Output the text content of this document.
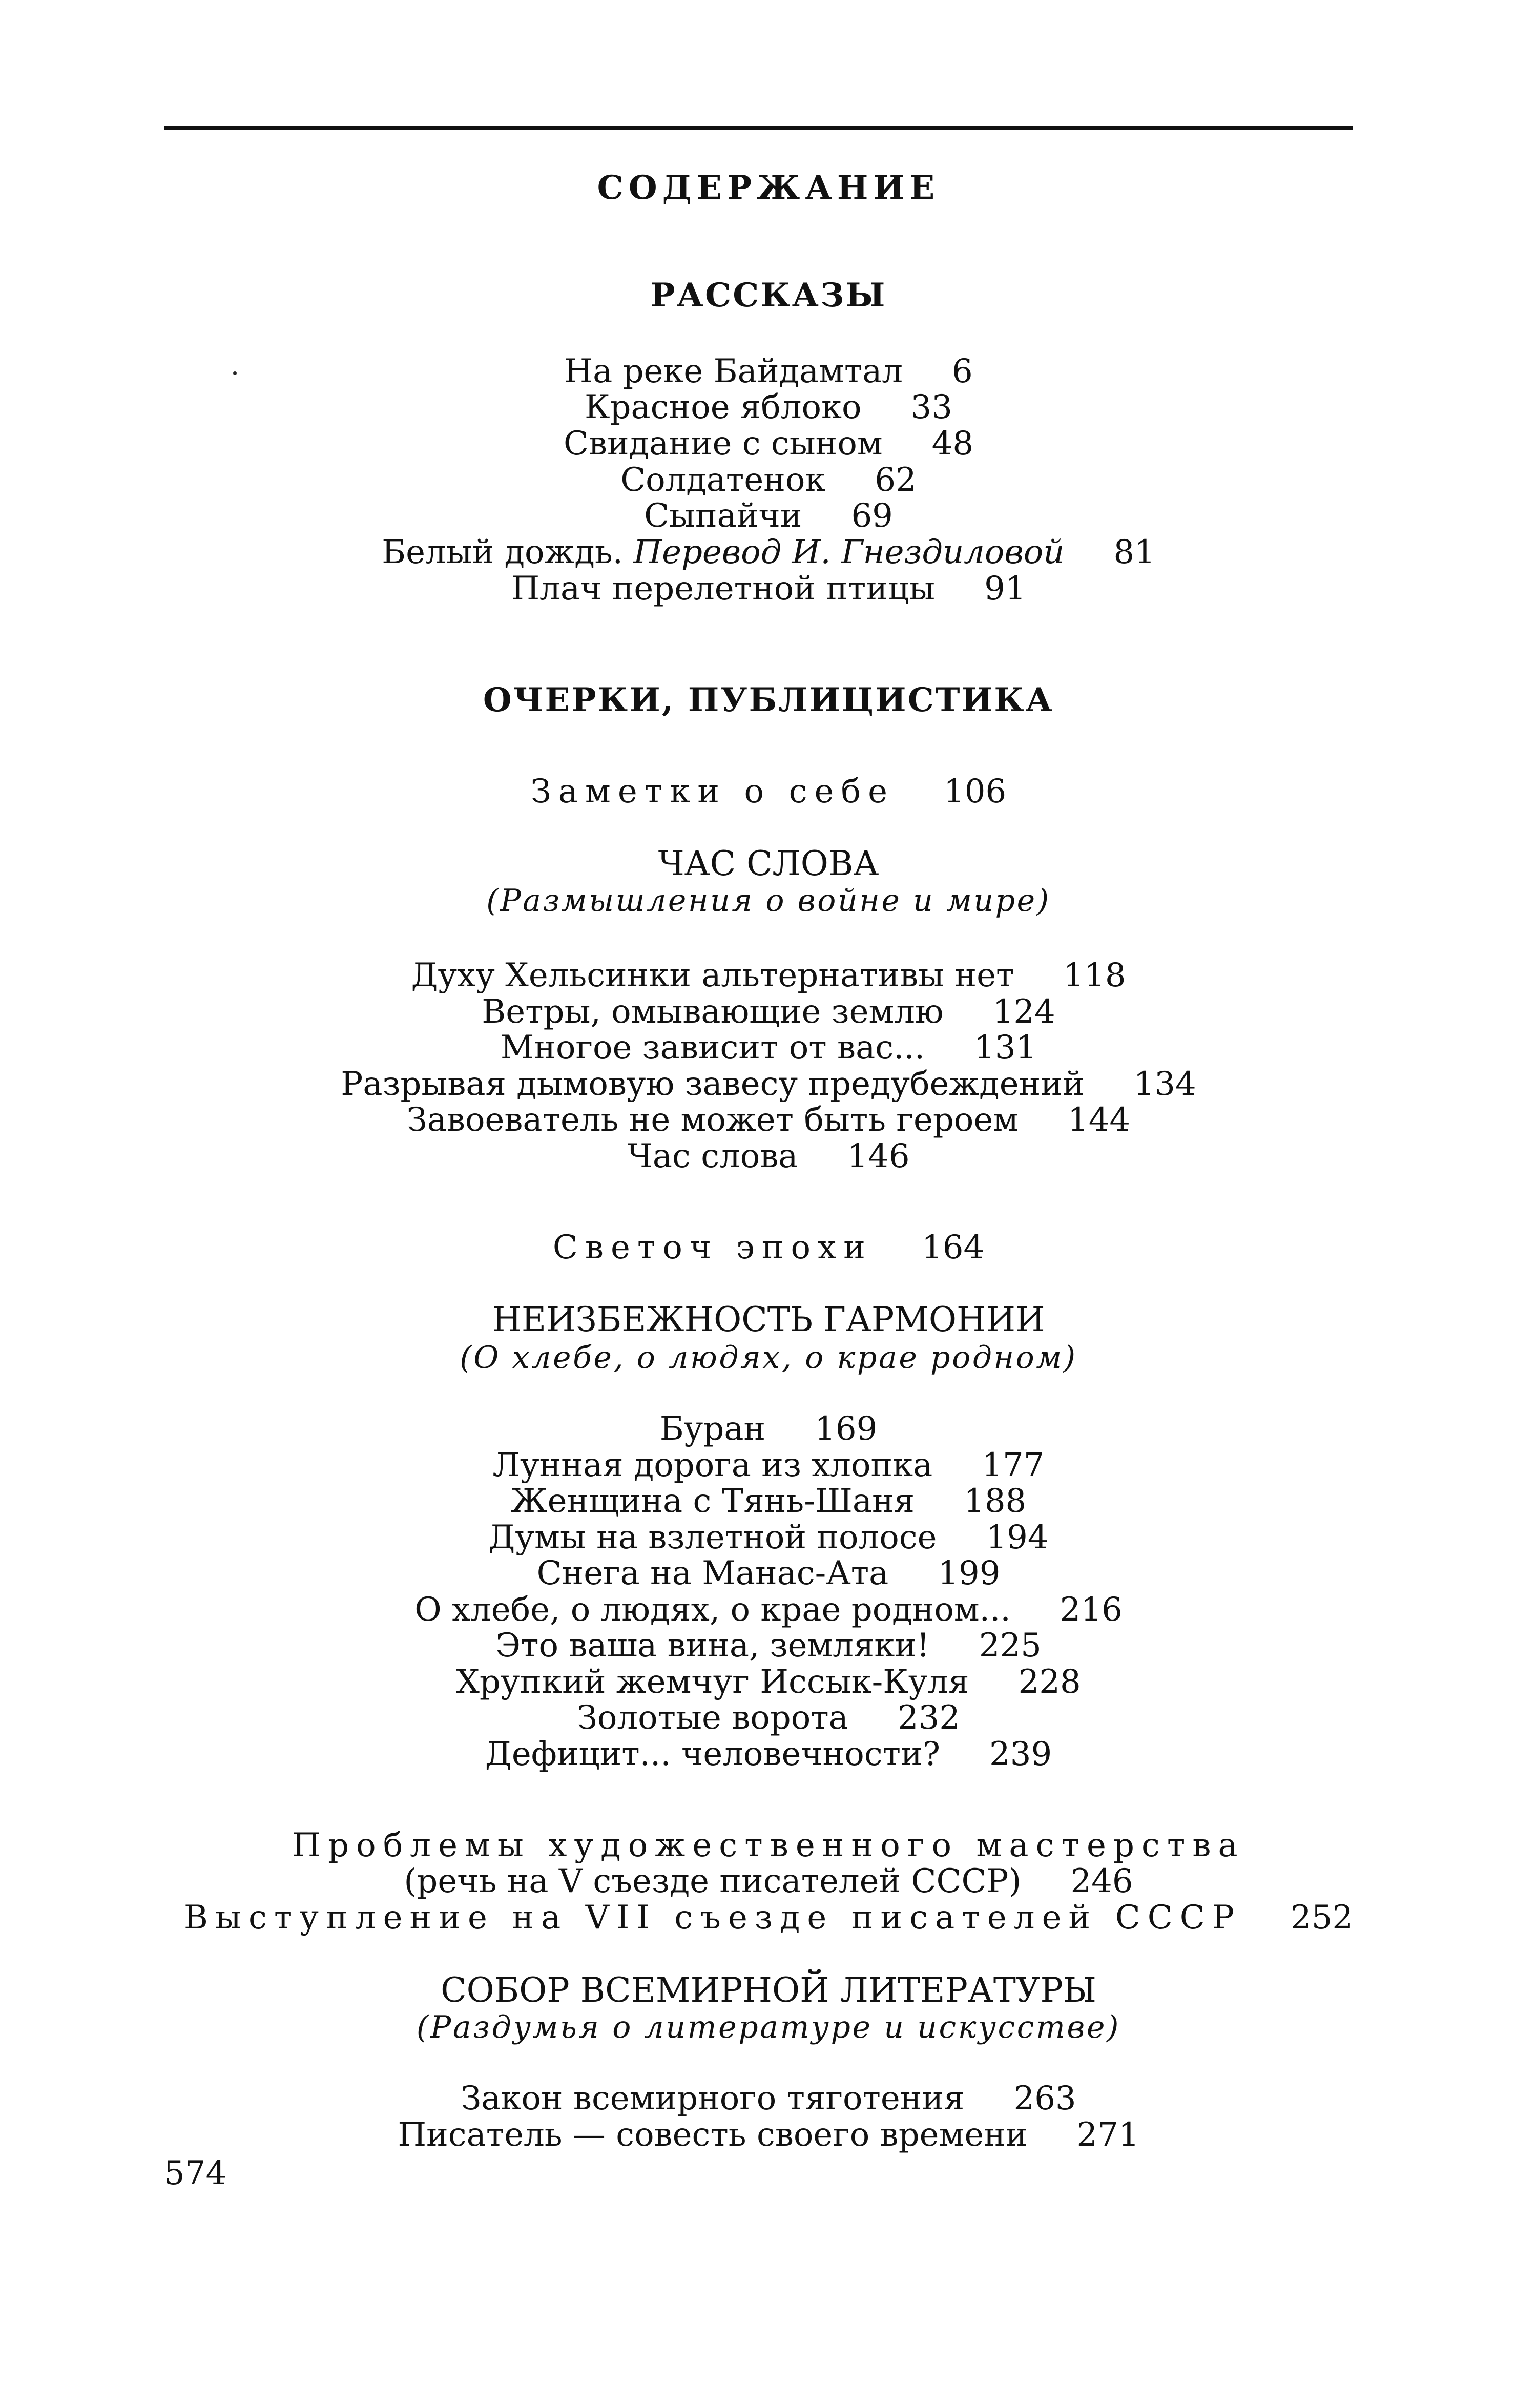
СОДЕРЖАНИЕ
РАССКАЗЫ
На реке Байдамтал 6
Красное яблоко 33
Свидание с сыном 48
Солдатенок 62
Сыпайчи 69
Белый дождь. Перевод И. Гнездиловой 81
Плач перелетной птицы 91
ОЧЕРКИ, ПУБЛИЦИСТИКА
Заметки о себе 106
ЧАС СЛОВА
(Размышления о войне и мире)
Духу Хельсинки альтернативы нет 118
Ветры, омывающие землю 124
Многое зависит от вас... 131
Разрывая дымовую завесу предубеждений 134
Завоеватель не может быть героем 144
Час слова 146
Светоч эпохи 164
НЕИЗБЕЖНОСТЬ ГАРМОНИИ
(О хлебе, о людях, о крае родном)
Буран 169
Лунная дорога из хлопка 177
Женщина с Тянь-Шаня 188
Думы на взлетной полосе 194
Снега на Манас-Ата 199
О хлебе, о людях, о крае родном... 216
Это ваша вина, земляки! 225
Хрупкий жемчуг Иссык-Куля 228
Золотые ворота 232
Дефицит... человечности? 239
Проблемы художественного мастерства
(речь на V съезде писателей СССР) 246
Выступление на VII съезде писателей СССР 252
СОБОР ВСЕМИРНОЙ ЛИТЕРАТУРЫ
(Раздумья о литературе и искусстве)
Закон всемирного тяготения 263
Писатель — совесть своего времени 271
574
